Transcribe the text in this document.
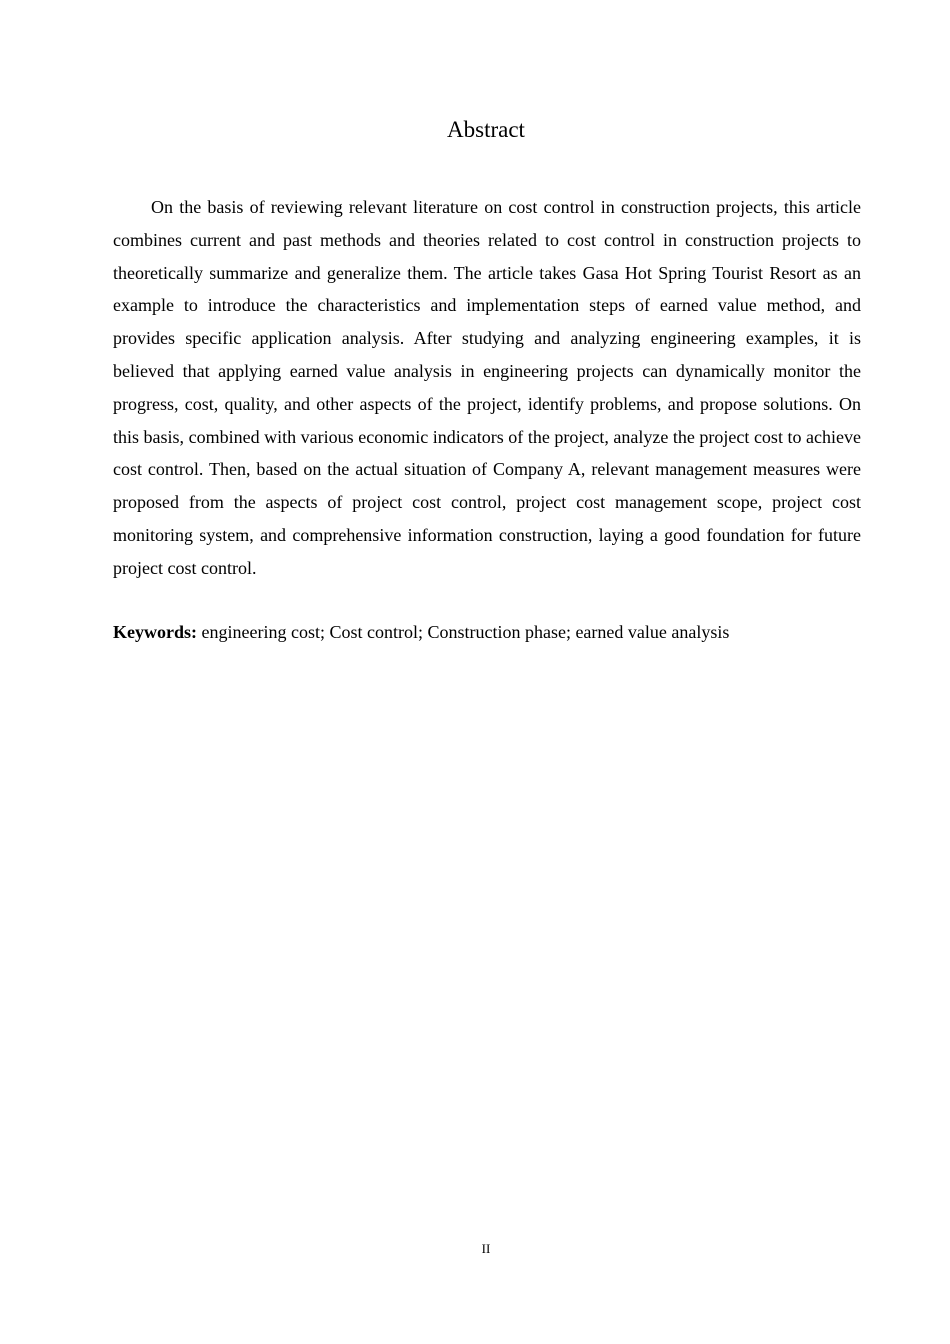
Abstract

On the basis of reviewing relevant literature on cost control in construction projects, this article combines current and past methods and theories related to cost control in construction projects to theoretically summarize and generalize them. The article takes Gasa Hot Spring Tourist Resort as an example to introduce the characteristics and implementation steps of earned value method, and provides specific application analysis. After studying and analyzing engineering examples, it is believed that applying earned value analysis in engineering projects can dynamically monitor the progress, cost, quality, and other aspects of the project, identify problems, and propose solutions. On this basis, combined with various economic indicators of the project, analyze the project cost to achieve cost control. Then, based on the actual situation of Company A, relevant management measures were proposed from the aspects of project cost control, project cost management scope, project cost monitoring system, and comprehensive information construction, laying a good foundation for future project cost control.

Keywords: engineering cost; Cost control; Construction phase; earned value analysis

II
